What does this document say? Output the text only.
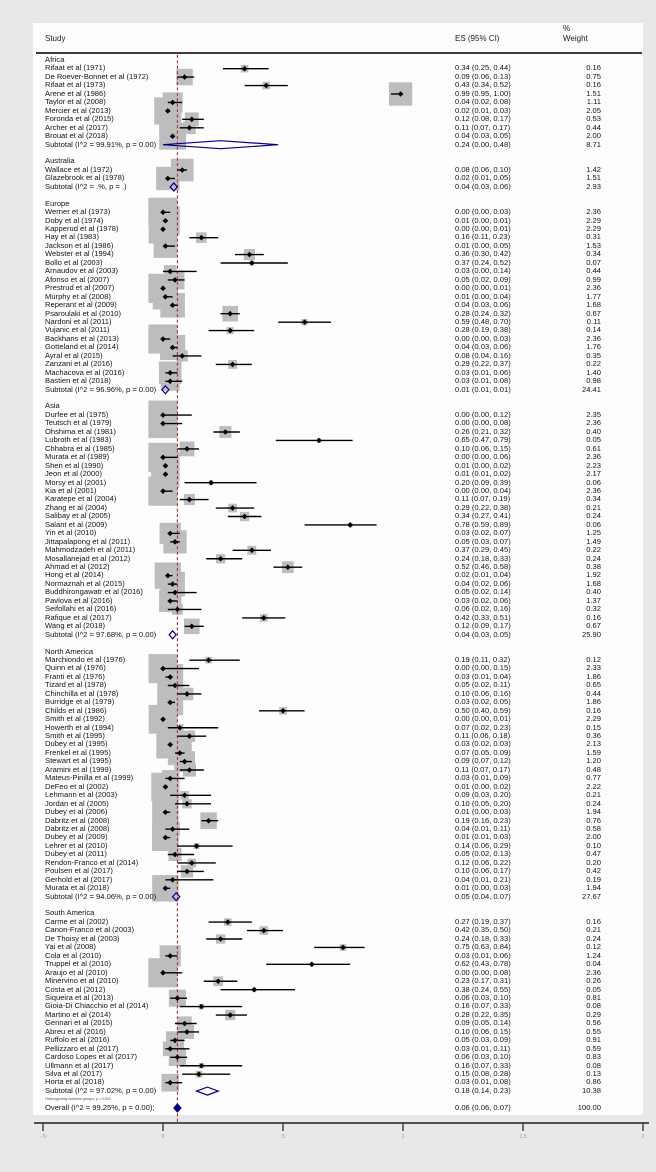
Study	ES (95% CI)
%
Weight
Africa
Rifaat et al (1971)	0.34 (0.25, 0.44)	0.16
De Roever-Bonnet et al (1972)	0.09 (0.06, 0.13)	0.75
Rifaat et al (1973)	0.43 (0.34, 0.52)	0.16
Arene et al (1986)	0.99 (0.95, 1.00)	1.51
Taylor et al (2008)	0.04 (0.02, 0.08)	1.11
Mercier et al (2013)	0.02 (0.01, 0.03)	2.05
Foronda et al (2015)	0.12 (0.08, 0.17)	0.53
Archer et al (2017)	0.11 (0.07, 0.17)	0.44
Brouat et al (2018)	0.04 (0.03, 0.05)	2.00
Subtotal (I^2 = 99.91%, p = 0.00)	0.24 (0.00, 0.48)	8.71
Australia
Wallace et al (1972)	0.08 (0.06, 0.10)	1.42
Glazebrook et al (1978)	0.02 (0.01, 0.05)	1.51
Subtotal (I^2 = .%, p = .)	0.04 (0.03, 0.06)	2.93
Europe
Werner et al (1973)	0.00 (0.00, 0.03)	2.36
Doby et al (1974)	0.01 (0.00, 0.01)	2.29
Kapperud et al (1978)	0.00 (0.00, 0.01)	2.29
Hay et al (1983)	0.16 (0.11, 0.23)	0.31
Jackson et al (1986)	0.01 (0.00, 0.05)	1.53
Webster et al (1994)	0.36 (0.30, 0.42)	0.34
Bollo et al (2003)	0.37 (0.24, 0.52)	0.07
Arnaudov et al (2003)	0.03 (0.00, 0.14)	0.44
Afonso et al (2007)	0.05 (0.02, 0.09)	0.99
Prestrud et al (2007)	0.00 (0.00, 0.01)	2.36
Murphy et al (2008)	0.01 (0.00, 0.04)	1.77
Reperant et al (2009)	0.04 (0.03, 0.06)	1.68
Psaroulaki et al (2010)	0.28 (0.24, 0.32)	0.67
Nardoni et al (2011)	0.59 (0.48, 0.70)	0.11
Vujanic et al (2011)	0.28 (0.19, 0.38)	0.14
Backhans et al (2013)	0.00 (0.00, 0.03)	2.36
Gotteland et al (2014)	0.04 (0.03, 0.06)	1.76
Ayral et al (2015)	0.08 (0.04, 0.16)	0.35
Zanzani et al (2016)	0.29 (0.22, 0.37)	0.22
Machacova et al (2016)	0.03 (0.01, 0.06)	1.40
Bastien et al (2018)	0.03 (0.01, 0.08)	0.98
Subtotal (I^2 = 96.96%, p = 0.00)	0.01 (0.01, 0.01)	24.41
Asia
Durfee et al (1975)	0.00 (0.00, 0.12)	2.35
Teutsch et al (1979)	0.00 (0.00, 0.08)	2.36
Ohshima et al (1981)	0.26 (0.21, 0.32)	0.40
Lubroth et al (1983)	0.65 (0.47, 0.79)	0.05
Chhabra et al (1985)	0.10 (0.06, 0.15)	0.61
Murata et al (1989)	0.00 (0.00, 0.06)	2.36
Shen et al (1990)	0.01 (0.00, 0.02)	2.23
Jeon et al (2000)	0.01 (0.01, 0.02)	2.17
Morsy et al (2001)	0.20 (0.09, 0.39)	0.06
Kia et al (2001)	0.00 (0.00, 0.04)	2.36
Karatepe et al (2004)	0.11 (0.07, 0.19)	0.34
Zhang et al (2004)	0.29 (0.22, 0.38)	0.21
Salibay et al (2005)	0.34 (0.27, 0.41)	0.24
Salant et al (2009)	0.78 (0.59, 0.89)	0.06
Yin et al (2010)	0.03 (0.02, 0.07)	1.25
Jittapalapong et al (2011)	0.05 (0.03, 0.07)	1.49
Mahmodzadeh et al (2011)	0.37 (0.29, 0.45)	0.22
Mosallanejad et al (2012)	0.24 (0.18, 0.33)	0.24
Ahmad et al (2012)	0.52 (0.46, 0.58)	0.38
Hong et al (2014)	0.02 (0.01, 0.04)	1.92
Normaznah et al (2015)	0.04 (0.02, 0.06)	1.68
Buddhirongawatr et al (2016)	0.05 (0.02, 0.14)	0.40
Pavlova et al (2016)	0.03 (0.02, 0.06)	1.37
Seifollahi et al (2016)	0.06 (0.02, 0.16)	0.32
Rafique et al (2017)	0.42 (0.33, 0.51)	0.16
Wang et al (2018)	0.12 (0.09, 0.17)	0.67
Subtotal (I^2 = 97.68%, p = 0.00)	0.04 (0.03, 0.05)	25.90
North America
Marchiondo et al (1976)	0.19 (0.11, 0.32)	0.12
Quinn et al (1976)	0.00 (0.00, 0.15)	2.33
Franti et al (1976)	0.03 (0.01, 0.04)	1.86
Tizard et al (1978)	0.05 (0.02, 0.11)	0.65
Chinchilla et al (1978)	0.10 (0.06, 0.16)	0.44
Burridge et al (1979)	0.03 (0.02, 0.05)	1.86
Childs et al (1986)	0.50 (0.40, 0.59)	0.16
Smith et al (1992)	0.00 (0.00, 0.01)	2.29
Howerth et al (1994)	0.07 (0.02, 0.23)	0.15
Smith et al (1995)	0.11 (0.06, 0.18)	0.36
Dubey et al (1995)	0.03 (0.02, 0.03)	2.13
Frenkel et al (1995)	0.07 (0.05, 0.09)	1.59
Stewart et al (1995)	0.09 (0.07, 0.12)	1.20
Aramini et al (1999)	0.11 (0.07, 0.17)	0.48
Mateus-Pinilla et al (1999)	0.03 (0.01, 0.09)	0.77
DeFeo et al (2002)	0.01 (0.00, 0.02)	2.22
Lehmann et al (2003)	0.09 (0.03, 0.20)	0.21
Jordan et al (2005)	0.10 (0.05, 0.20)	0.24
Dubey et al (2006)	0.01 (0.00, 0.03)	1.94
Dabritz et al (2008)	0.19 (0.16, 0.23)	0.76
Dabritz et al (2008)	0.04 (0.01, 0.11)	0.58
Dubey et al (2009)	0.01 (0.01, 0.03)	2.00
Lehrer et al (2010)	0.14 (0.06, 0.29)	0.10
Dubey et al (2011)	0.05 (0.02, 0.13)	0.47
Rendon-Franco et al (2014)	0.12 (0.06, 0.22)	0.20
Poulsen et al (2017)	0.10 (0.06, 0.17)	0.42
Gerhold et al (2017)	0.04 (0.01, 0.21)	0.19
Murata et al (2018)	0.01 (0.00, 0.03)	1.94
Subtotal (I^2 = 94.06%, p = 0.00)	0.05 (0.04, 0.07)	27.67
South America
Carme et al (2002)	0.27 (0.19, 0.37)	0.16
Canon-Franco et al (2003)	0.42 (0.35, 0.50)	0.21
De Thoisy et al (2003)	0.24 (0.18, 0.33)	0.24
Yai et al (2008)	0.75 (0.63, 0.84)	0.12
Cola et al (2010)	0.03 (0.01, 0.06)	1.24
Truppel et al (2010)	0.62 (0.43, 0.78)	0.04
Araujo et al (2010)	0.00 (0.00, 0.08)	2.36
Minervino et al (2010)	0.23 (0.17, 0.31)	0.26
Costa et al (2012)	0.38 (0.24, 0.55)	0.05
Siqueira et al (2013)	0.06 (0.03, 0.10)	0.81
Gioia-Di Chiacchio et al (2014)	0.16 (0.07, 0.33)	0.08
Martino et al (2014)	0.28 (0.22, 0.35)	0.29
Gennari et al (2015)	0.09 (0.05, 0.14)	0.56
Abreu et al (2016)	0.10 (0.06, 0.15)	0.55
Ruffolo et al (2016)	0.05 (0.03, 0.09)	0.91
Pellizzaro et al (2017)	0.03 (0.01, 0.11)	0.59
Cardoso Lopes et al (2017)	0.06 (0.03, 0.10)	0.83
Ullmann et al (2017)	0.16 (0.07, 0.33)	0.08
Silva et al (2017)	0.15 (0.08, 0.28)	0.13
Horta et al (2018)	0.03 (0.01, 0.08)	0.86
Subtotal (I^2 = 97.02%, p = 0.00)	0.18 (0.14, 0.23)	10.38
Heterogeneity between groups: p = 0.000
Overall (I^2 = 99.25%, p = 0.00);	0.06 (0.06, 0.07)	100.00
-.5	0	.5	1	1.5	2
